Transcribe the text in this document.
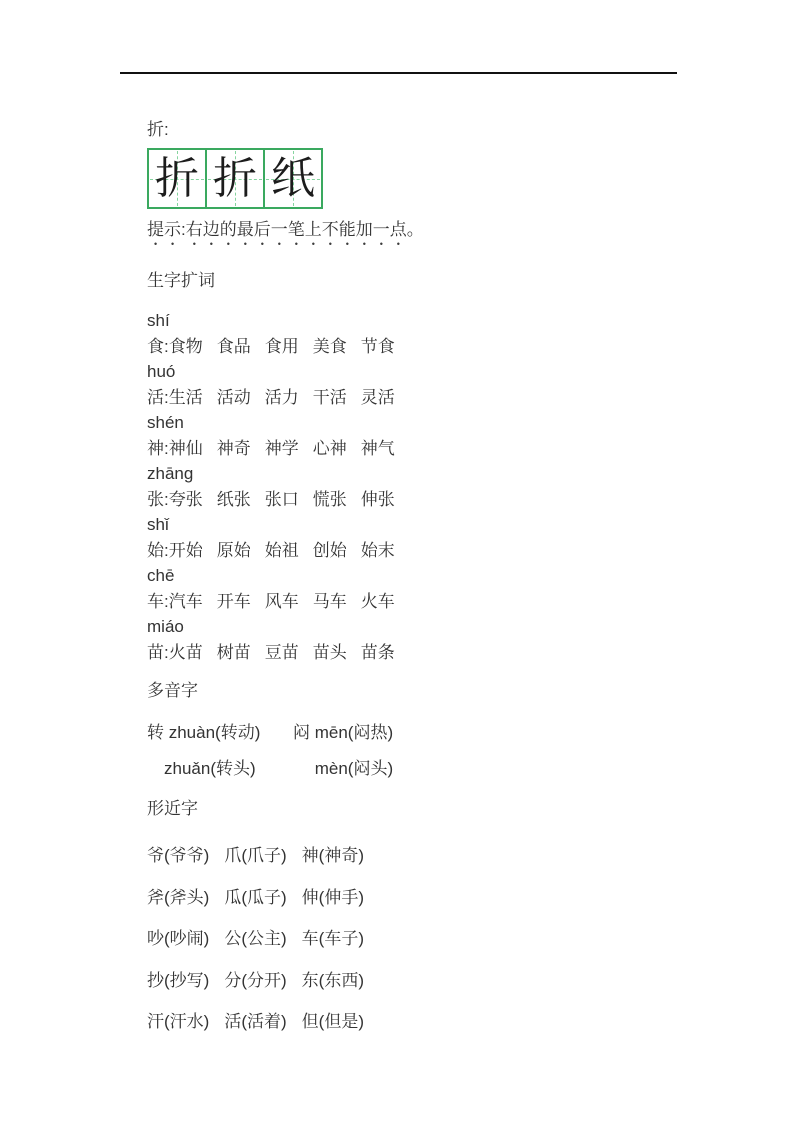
折:
折 折 纸
提示:右边的最后一笔上不能加一点。
生字扩词
shí
食:食物 食品 食用 美食 节食
huó
活:生活 活动 活力 干活 灵活
shén
神:神仙 神奇 神学 心神 神气
zhāng
张:夸张 纸张 张口 慌张 伸张
shǐ
始:开始 原始 始祖 创始 始末
chē
车:汽车 开车 风车 马车 火车
miáo
苗:火苗 树苗 豆苗 苗头 苗条
多音字
转 zhuàn(转动)	闷 mēn(闷热)
　zhuǎn(转头)	　 mèn(闷头)
形近字
爷(爷爷) 爪(爪子) 神(神奇)
斧(斧头) 瓜(瓜子) 伸(伸手)
吵(吵闹) 公(公主) 车(车子)
抄(抄写) 分(分开) 东(东西)
汗(汗水) 活(活着) 但(但是)
